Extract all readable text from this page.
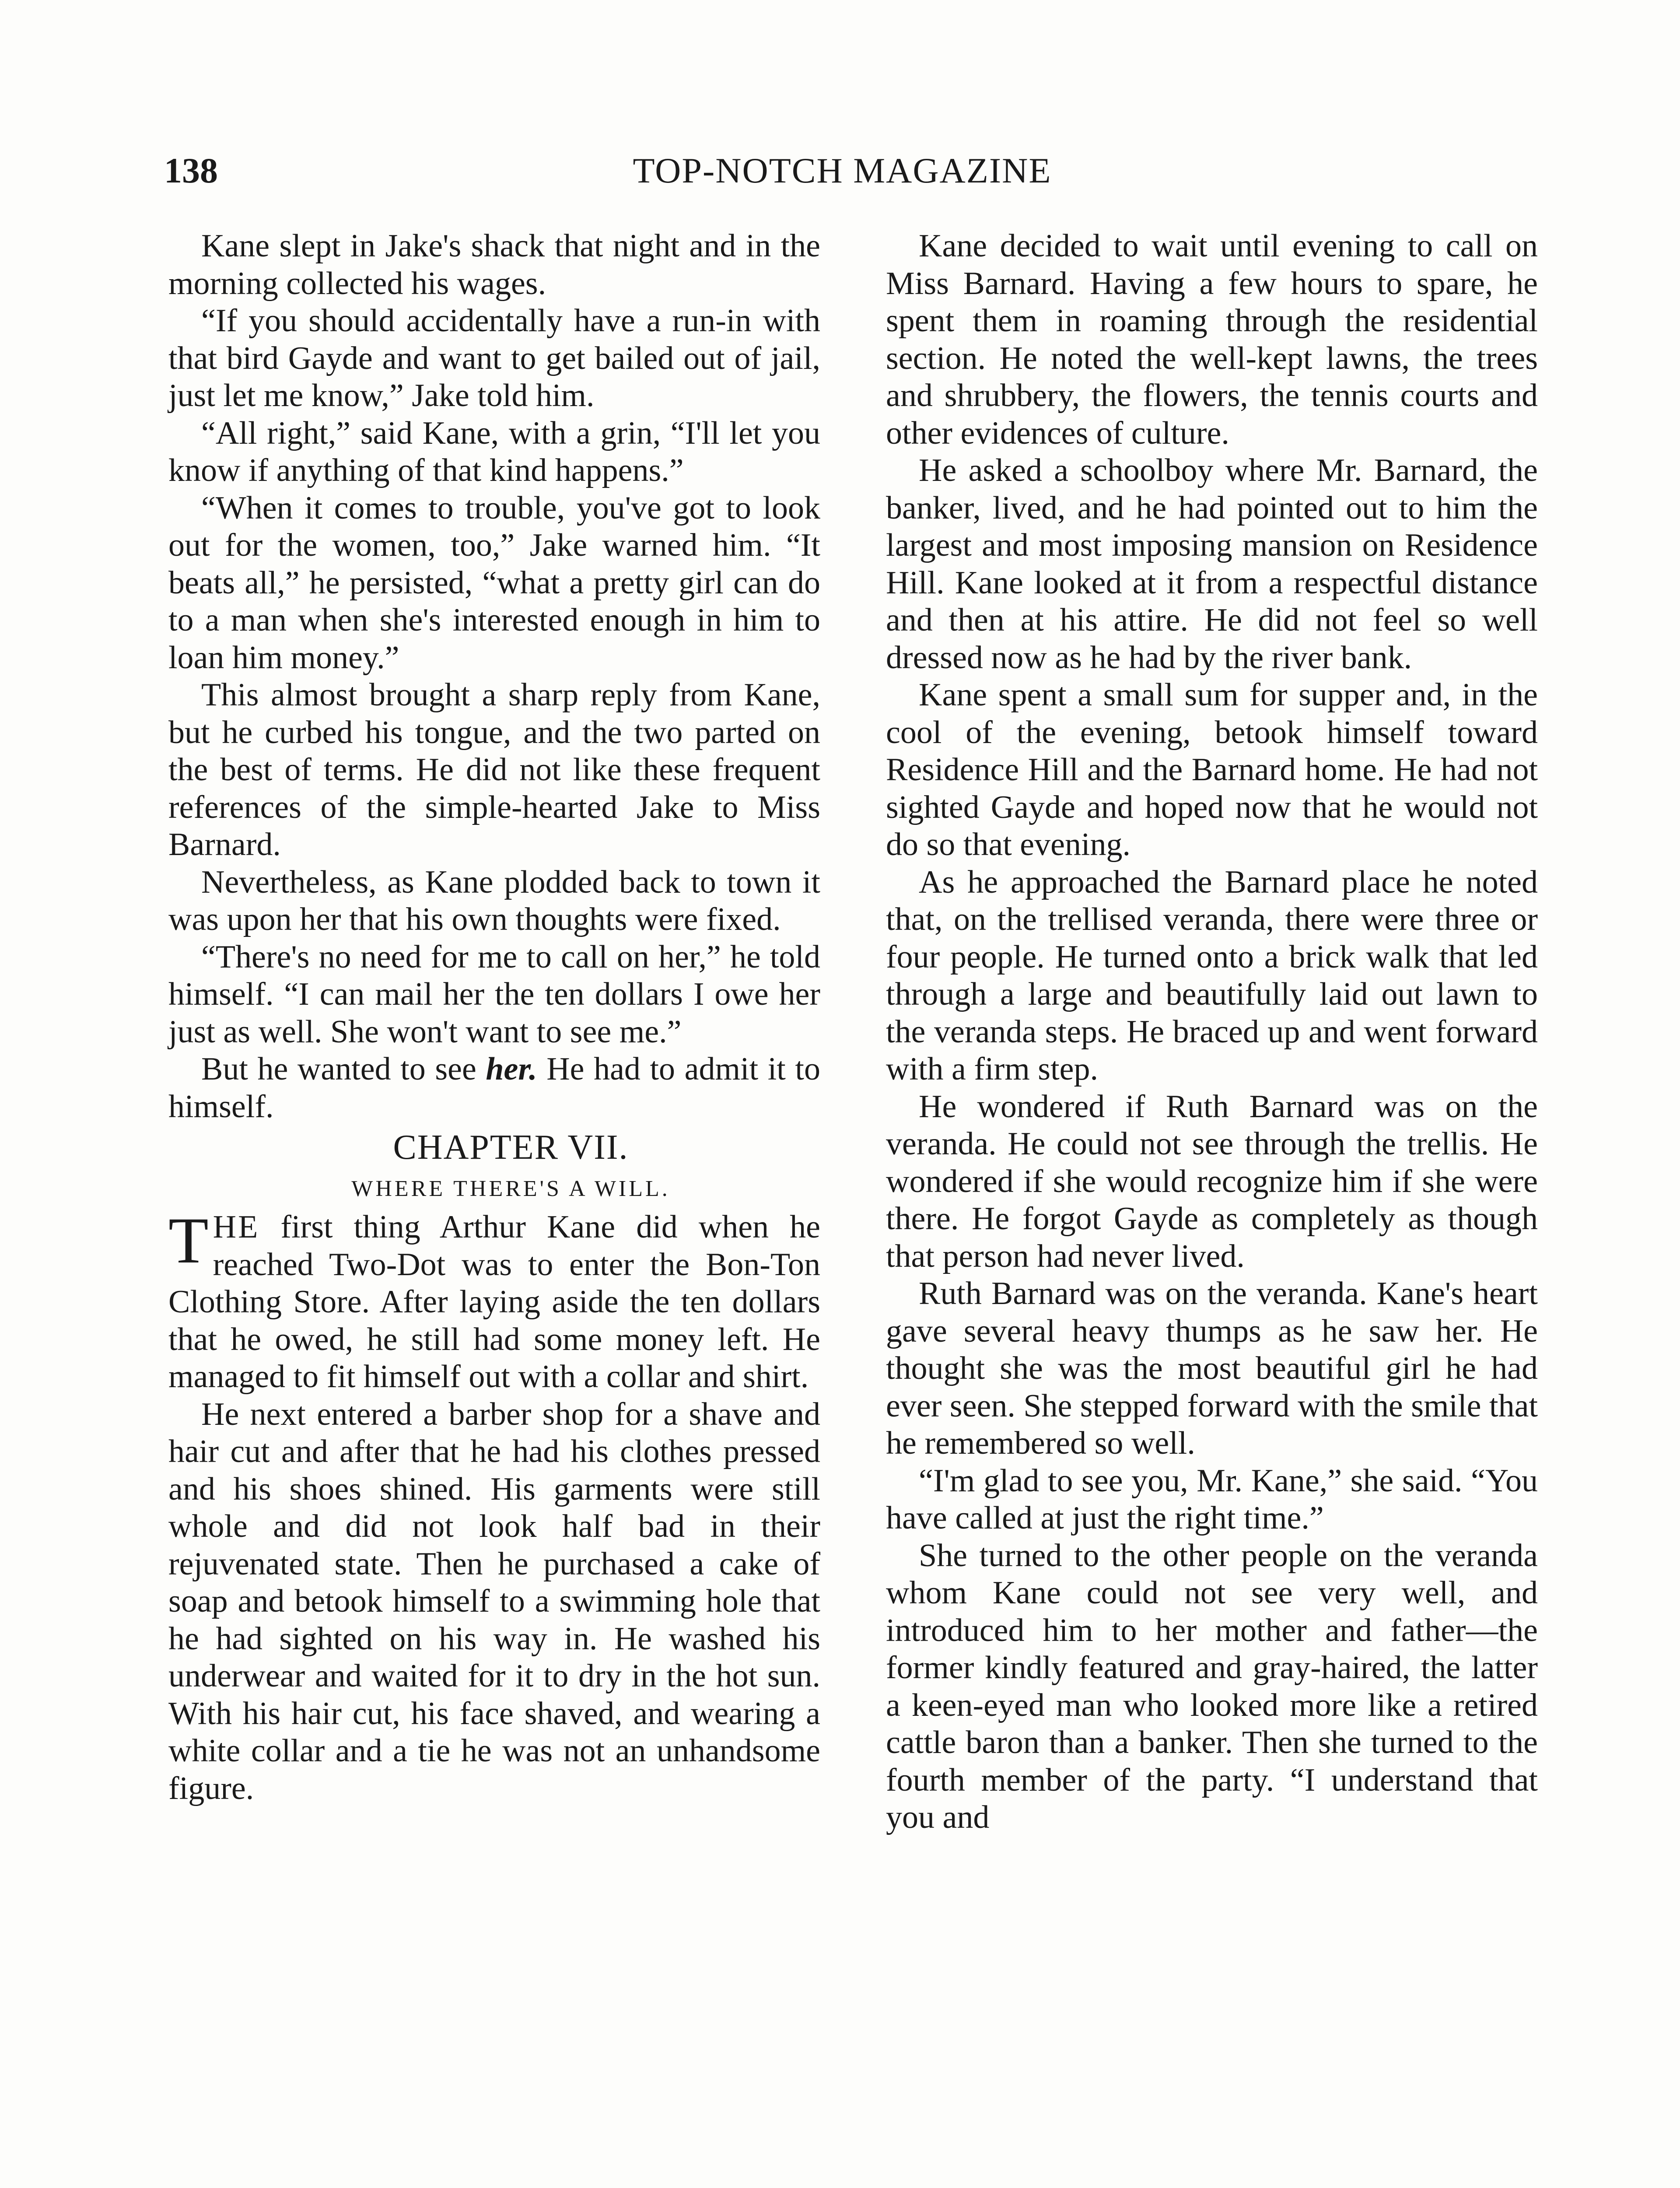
138	TOP-NOTCH MAGAZINE

Kane slept in Jake's shack that night and in the morning collected his wages.

“If you should accidentally have a run-in with that bird Gayde and want to get bailed out of jail, just let me know,” Jake told him.

“All right,” said Kane, with a grin, “I'll let you know if anything of that kind happens.”

“When it comes to trouble, you've got to look out for the women, too,” Jake warned him. “It beats all,” he persisted, “what a pretty girl can do to a man when she's interested enough in him to loan him money.”

This almost brought a sharp reply from Kane, but he curbed his tongue, and the two parted on the best of terms. He did not like these frequent references of the simple-hearted Jake to Miss Barnard.

Nevertheless, as Kane plodded back to town it was upon her that his own thoughts were fixed.

“There's no need for me to call on her,” he told himself. “I can mail her the ten dollars I owe her just as well. She won't want to see me.”

But he wanted to see her. He had to admit it to himself.

CHAPTER VII.

WHERE THERE'S A WILL.

THE first thing Arthur Kane did when he reached Two-Dot was to enter the Bon-Ton Clothing Store. After laying aside the ten dollars that he owed, he still had some money left. He managed to fit himself out with a collar and shirt.

He next entered a barber shop for a shave and hair cut and after that he had his clothes pressed and his shoes shined. His garments were still whole and did not look half bad in their rejuvenated state. Then he purchased a cake of soap and betook himself to a swimming hole that he had sighted on his way in. He washed his underwear and waited for it to dry in the hot sun. With his hair cut, his face shaved, and wearing a white collar and a tie he was not an unhandsome figure.

Kane decided to wait until evening to call on Miss Barnard. Having a few hours to spare, he spent them in roaming through the residential section. He noted the well-kept lawns, the trees and shrubbery, the flowers, the tennis courts and other evidences of culture.

He asked a schoolboy where Mr. Barnard, the banker, lived, and he had pointed out to him the largest and most imposing mansion on Residence Hill. Kane looked at it from a respectful distance and then at his attire. He did not feel so well dressed now as he had by the river bank.

Kane spent a small sum for supper and, in the cool of the evening, betook himself toward Residence Hill and the Barnard home. He had not sighted Gayde and hoped now that he would not do so that evening.

As he approached the Barnard place he noted that, on the trellised veranda, there were three or four people. He turned onto a brick walk that led through a large and beautifully laid out lawn to the veranda steps. He braced up and went forward with a firm step.

He wondered if Ruth Barnard was on the veranda. He could not see through the trellis. He wondered if she would recognize him if she were there. He forgot Gayde as completely as though that person had never lived.

Ruth Barnard was on the veranda. Kane's heart gave several heavy thumps as he saw her. He thought she was the most beautiful girl he had ever seen. She stepped forward with the smile that he remembered so well.

“I'm glad to see you, Mr. Kane,” she said. “You have called at just the right time.”

She turned to the other people on the veranda whom Kane could not see very well, and introduced him to her mother and father—the former kindly featured and gray-haired, the latter a keen-eyed man who looked more like a retired cattle baron than a banker. Then she turned to the fourth member of the party. “I understand that you and
